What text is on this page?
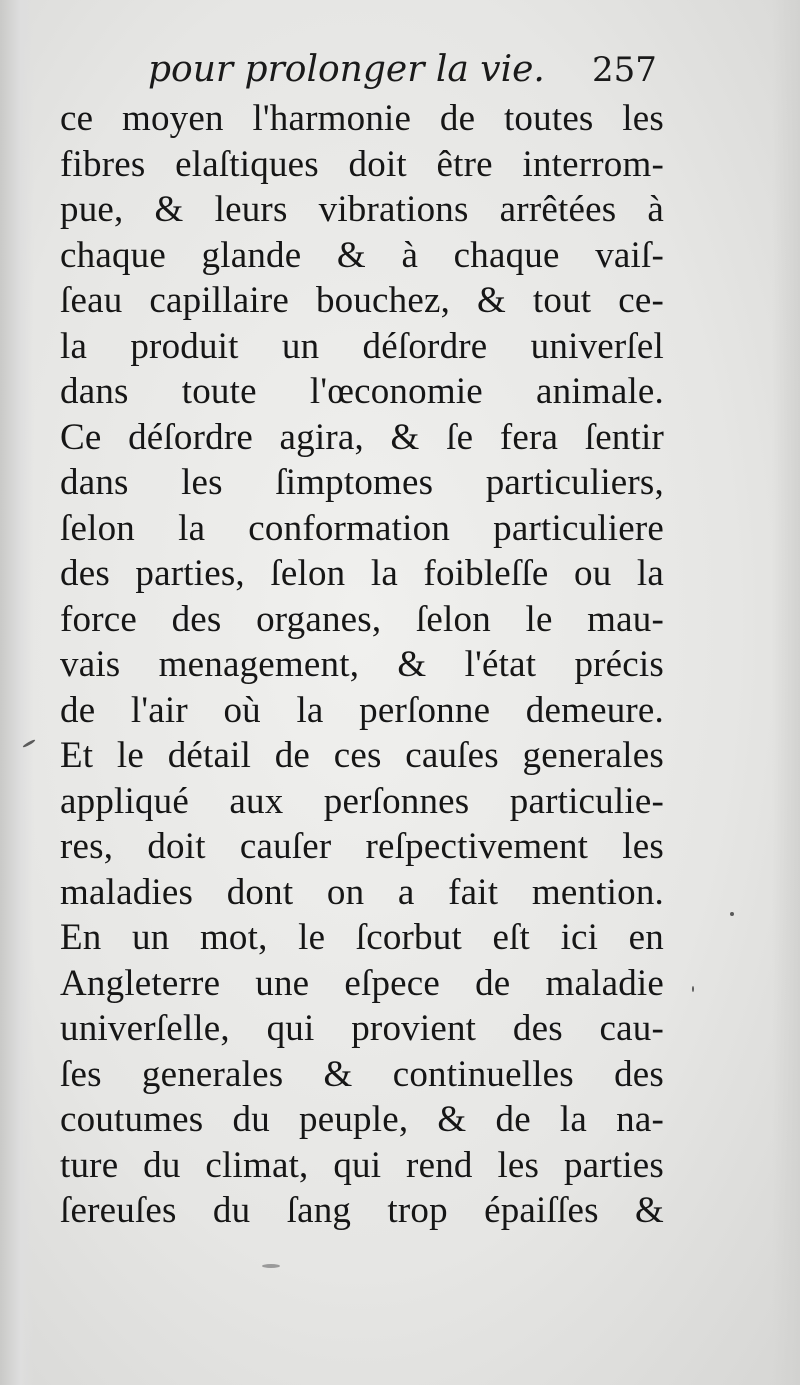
pour prolonger la vie. 257
ce moyen l'harmonie de toutes les
fibres elaſtiques doit être interrom-
pue, & leurs vibrations arrêtées à
chaque glande & à chaque vaiſ-
ſeau capillaire bouchez, & tout ce-
la produit un déſordre univerſel
dans toute l'œconomie animale.
Ce déſordre agira, & ſe fera ſentir
dans les ſimptomes particuliers,
ſelon la conformation particuliere
des parties, ſelon la foibleſſe ou la
force des organes, ſelon le mau-
vais menagement, & l'état précis
de l'air où la perſonne demeure.
Et le détail de ces cauſes generales
appliqué aux perſonnes particulie-
res, doit cauſer reſpectivement les
maladies dont on a fait mention.
En un mot, le ſcorbut eſt ici en
Angleterre une eſpece de maladie
univerſelle, qui provient des cau-
ſes generales & continuelles des
coutumes du peuple, & de la na-
ture du climat, qui rend les parties
ſereuſes du ſang trop épaiſſes &
